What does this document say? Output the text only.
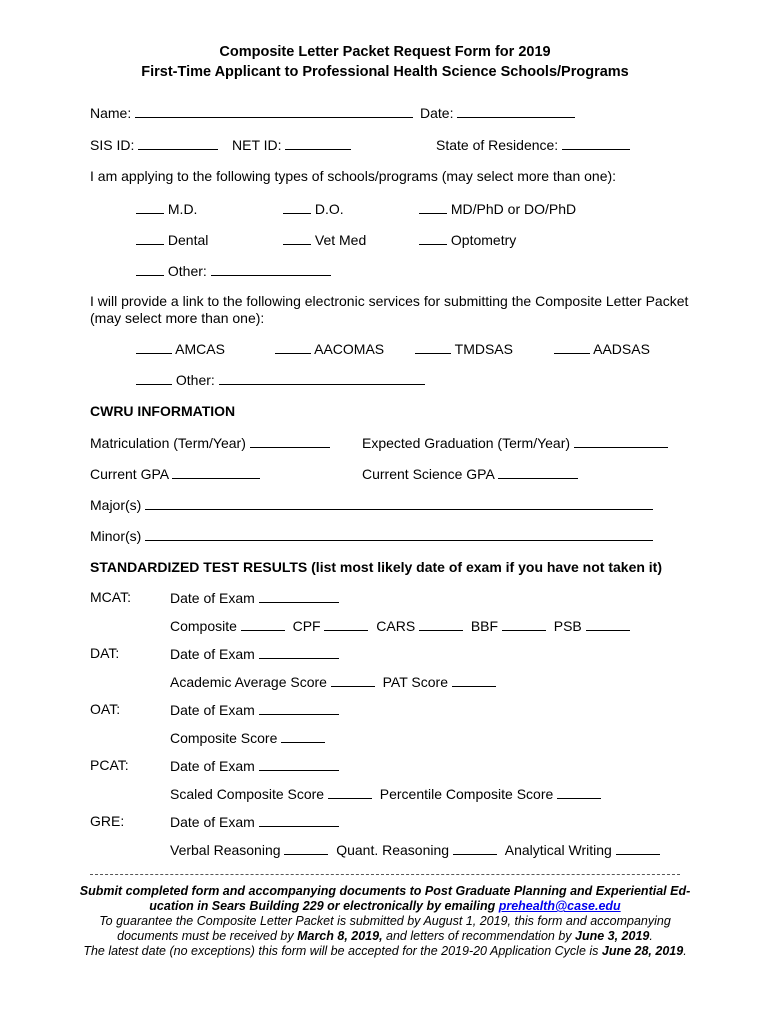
Composite Letter Packet Request Form for 2019
First-Time Applicant to Professional Health Science Schools/Programs
Name:	Date:
SIS ID:	NET ID:	State of Residence:
I am applying to the following types of schools/programs (may select more than one):
M.D.	D.O.	MD/PhD or DO/PhD
Dental	Vet Med	Optometry
Other:
I will provide a link to the following electronic services for submitting the Composite Letter Packet
(may select more than one):
AMCAS	AACOMAS	TMDSAS	AADSAS
Other:
CWRU INFORMATION
Matriculation (Term/Year)	Expected Graduation (Term/Year)
Current GPA	Current Science GPA
Major(s)
Minor(s)
STANDARDIZED TEST RESULTS (list most likely date of exam if you have not taken it)
MCAT:	Date of Exam
Composite	CPF	CARS	BBF	PSB
DAT:	Date of Exam
Academic Average Score	PAT Score
OAT:	Date of Exam
Composite Score
PCAT:	Date of Exam
Scaled Composite Score	Percentile Composite Score
GRE:	Date of Exam
Verbal Reasoning	Quant. Reasoning	Analytical Writing
Submit completed form and accompanying documents to Post Graduate Planning and Experiential Ed-
ucation in Sears Building 229 or electronically by emailing prehealth@case.edu
To guarantee the Composite Letter Packet is submitted by August 1, 2019, this form and accompanying
documents must be received by March 8, 2019, and letters of recommendation by June 3, 2019.
The latest date (no exceptions) this form will be accepted for the 2019-20 Application Cycle is June 28, 2019.
